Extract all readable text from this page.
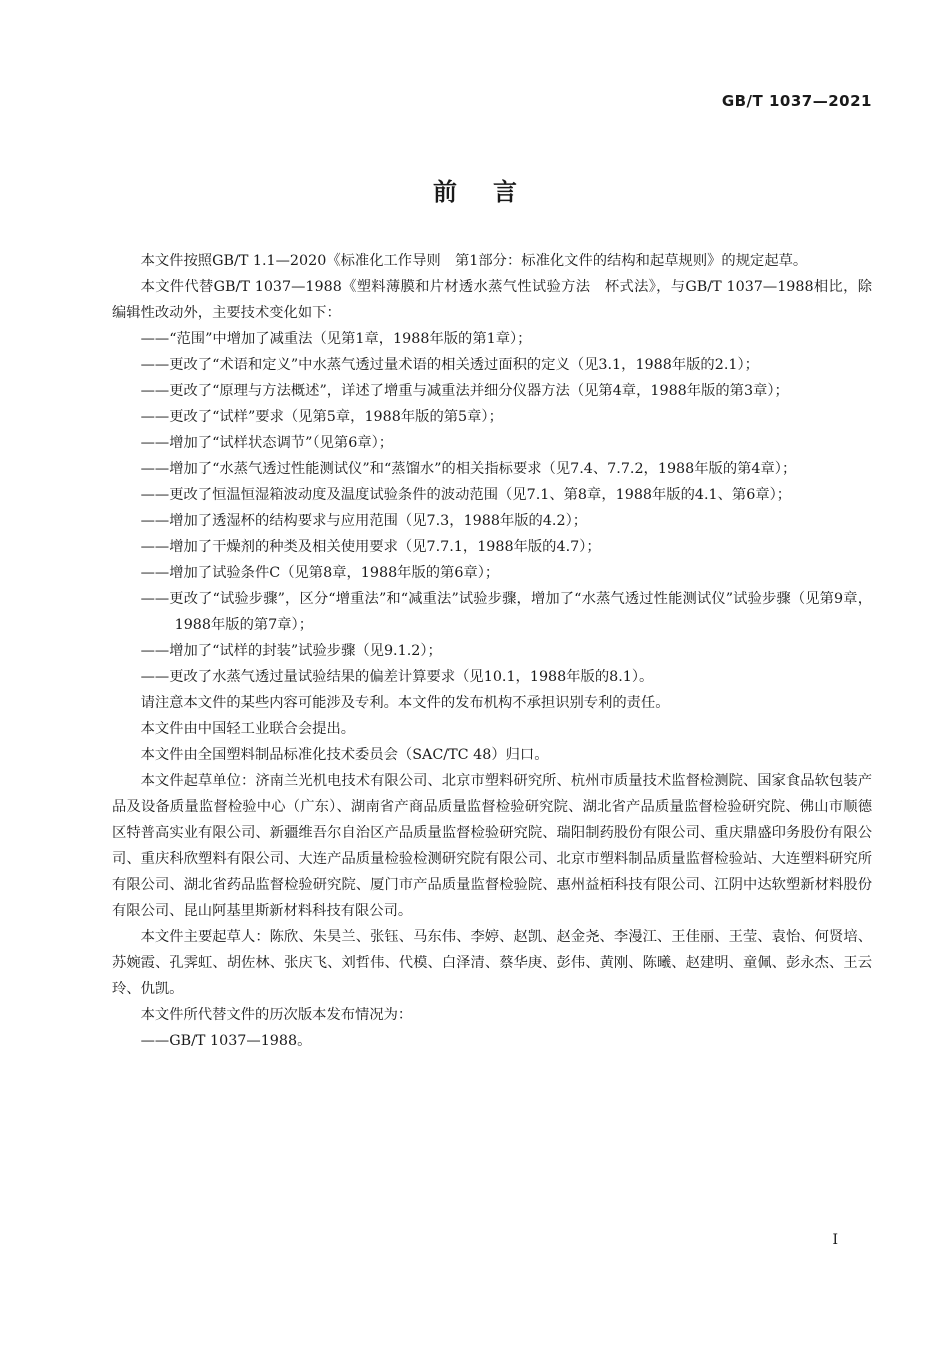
GB/T 1037—2021
前言

本文件按照GB/T 1.1—2020《标准化工作导则　第1部分：标准化文件的结构和起草规则》的规定起草。

本文件代替GB/T 1037—1988《塑料薄膜和片材透水蒸气性试验方法　杯式法》，与GB/T 1037—1988相比，除编辑性改动外，主要技术变化如下：

——“范围”中增加了减重法（见第1章，1988年版的第1章）；

——更改了“术语和定义”中水蒸气透过量术语的相关透过面积的定义（见3.1，1988年版的2.1）；

——更改了“原理与方法概述”，详述了增重与减重法并细分仪器方法（见第4章，1988年版的第3章）；

——更改了“试样”要求（见第5章，1988年版的第5章）；

——增加了“试样状态调节”（见第6章）；

——增加了“水蒸气透过性能测试仪”和“蒸馏水”的相关指标要求（见7.4、7.7.2，1988年版的第4章）；

——更改了恒温恒湿箱波动度及温度试验条件的波动范围（见7.1、第8章，1988年版的4.1、第6章）；

——增加了透湿杯的结构要求与应用范围（见7.3，1988年版的4.2）；

——增加了干燥剂的种类及相关使用要求（见7.7.1，1988年版的4.7）；

——增加了试验条件C（见第8章，1988年版的第6章）；

——更改了“试验步骤”，区分“增重法”和“减重法”试验步骤，增加了“水蒸气透过性能测试仪”试验步骤（见第9章，1988年版的第7章）；

——增加了“试样的封装”试验步骤（见9.1.2）；

——更改了水蒸气透过量试验结果的偏差计算要求（见10.1，1988年版的8.1）。

请注意本文件的某些内容可能涉及专利。本文件的发布机构不承担识别专利的责任。

本文件由中国轻工业联合会提出。

本文件由全国塑料制品标准化技术委员会（SAC/TC 48）归口。

本文件起草单位：济南兰光机电技术有限公司、北京市塑料研究所、杭州市质量技术监督检测院、国家食品软包装产品及设备质量监督检验中心（广东）、湖南省产商品质量监督检验研究院、湖北省产品质量监督检验研究院、佛山市顺德区特普高实业有限公司、新疆维吾尔自治区产品质量监督检验研究院、瑞阳制药股份有限公司、重庆鼎盛印务股份有限公司、重庆科欣塑料有限公司、大连产品质量检验检测研究院有限公司、北京市塑料制品质量监督检验站、大连塑料研究所有限公司、湖北省药品监督检验研究院、厦门市产品质量监督检验院、惠州益栢科技有限公司、江阴中达软塑新材料股份有限公司、昆山阿基里斯新材料科技有限公司。

本文件主要起草人：陈欣、朱昊兰、张钰、马东伟、李婷、赵凯、赵金尧、李漫江、王佳丽、王莹、袁怡、何贤培、苏婉霞、孔霁虹、胡佐林、张庆飞、刘哲伟、代模、白泽清、蔡华庚、彭伟、黄刚、陈曦、赵建明、童佩、彭永杰、王云玲、仇凯。

本文件所代替文件的历次版本发布情况为：

——GB/T 1037—1988。

I
